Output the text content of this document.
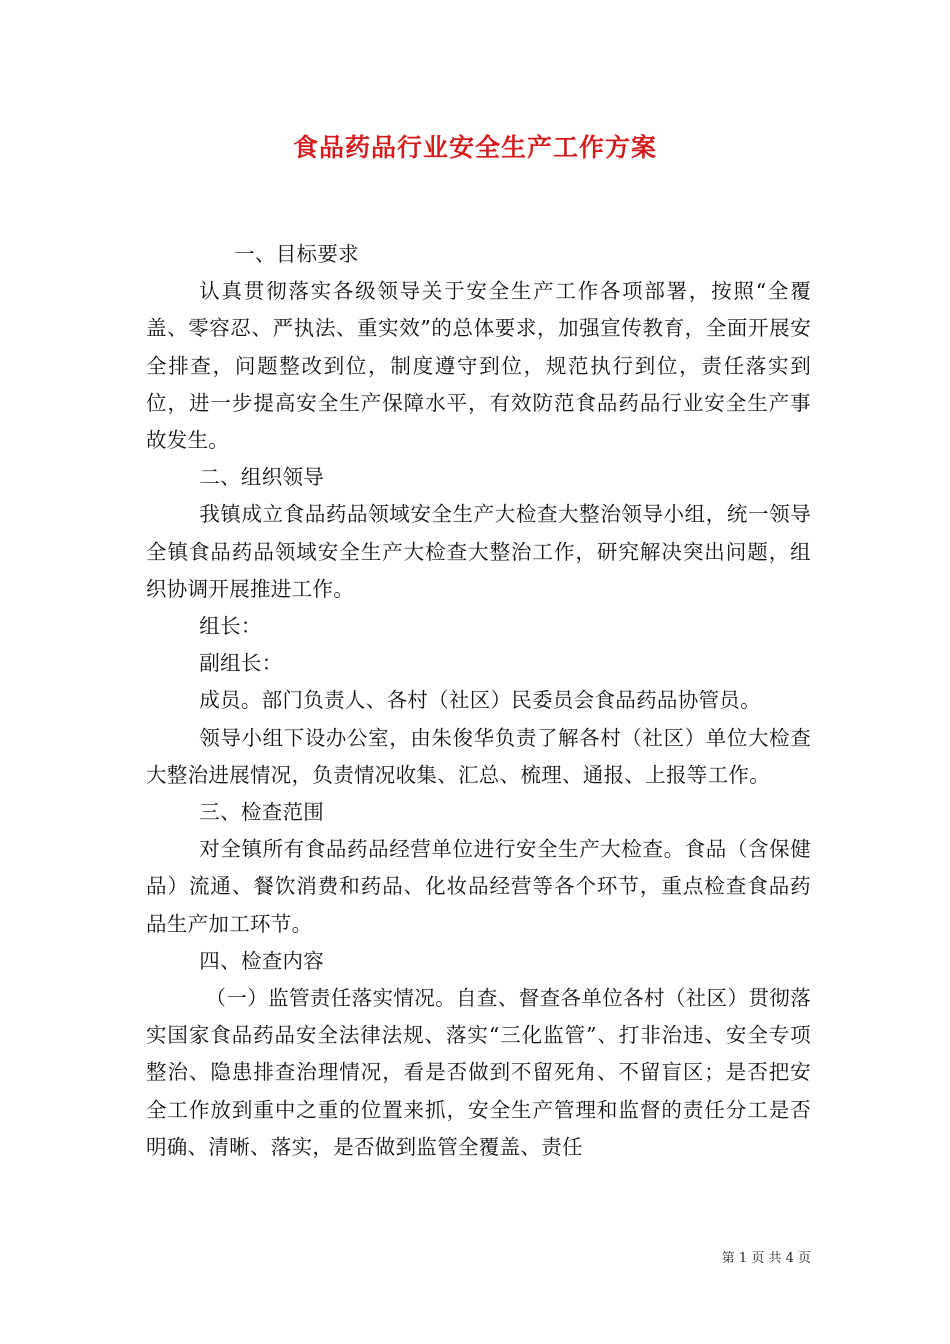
食品药品行业安全生产工作方案

一、目标要求

认真贯彻落实各级领导关于安全生产工作各项部署，按照“全覆盖、零容忍、严执法、重实效”的总体要求，加强宣传教育，全面开展安全排查，问题整改到位，制度遵守到位，规范执行到位，责任落实到位，进一步提高安全生产保障水平，有效防范食品药品行业安全生产事故发生。

二、组织领导

我镇成立食品药品领域安全生产大检查大整治领导小组，统一领导全镇食品药品领域安全生产大检查大整治工作，研究解决突出问题，组织协调开展推进工作。

组长：

副组长：

成员。部门负责人、各村（社区）民委员会食品药品协管员。

领导小组下设办公室，由朱俊华负责了解各村（社区）单位大检查大整治进展情况，负责情况收集、汇总、梳理、通报、上报等工作。

三、检查范围

对全镇所有食品药品经营单位进行安全生产大检查。食品（含保健品）流通、餐饮消费和药品、化妆品经营等各个环节，重点检查食品药品生产加工环节。

四、检查内容

（一）监管责任落实情况。自查、督查各单位各村（社区）贯彻落实国家食品药品安全法律法规、落实“三化监管”、打非治违、安全专项整治、隐患排查治理情况，看是否做到不留死角、不留盲区；是否把安全工作放到重中之重的位置来抓，安全生产管理和监督的责任分工是否明确、清晰、落实，是否做到监管全覆盖、责任

第 1 页 共 4 页
